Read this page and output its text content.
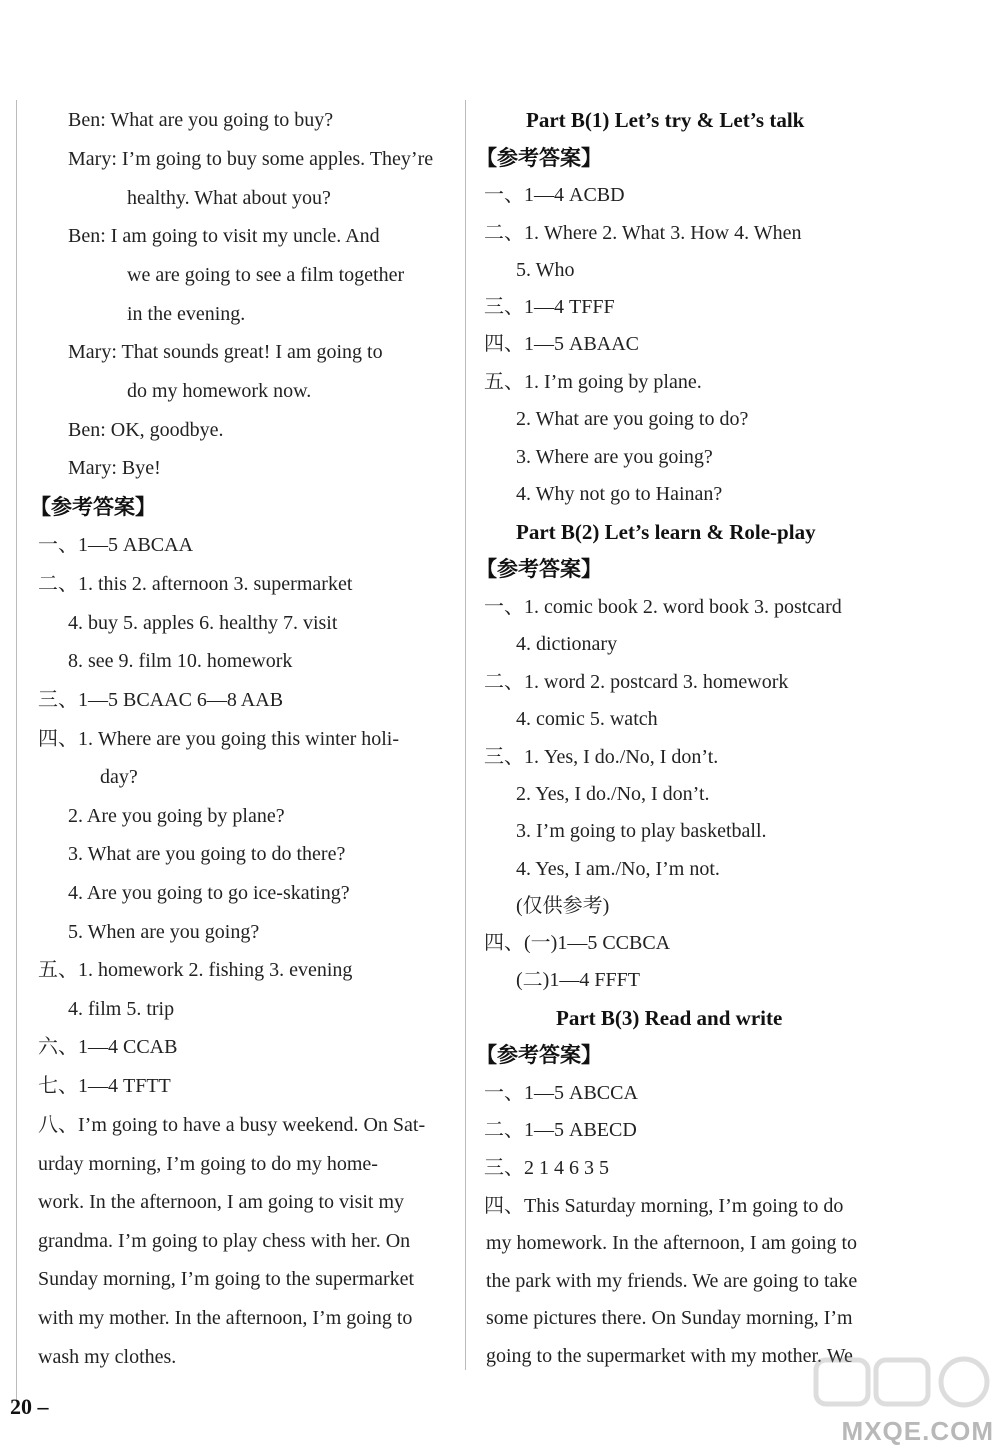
Ben: What are you going to buy?
Mary: I’m going to buy some apples. They’re
healthy. What about you?
Ben: I am going to visit my uncle. And
we are going to see a film together
in the evening.
Mary: That sounds great! I am going to
do my homework now.
Ben: OK, goodbye.
Mary: Bye!
【参考答案】
一、1—5 ABCAA
二、1. this 2. afternoon 3. supermarket
4. buy 5. apples 6. healthy 7. visit
8. see 9. film 10. homework
三、1—5 BCAAC 6—8 AAB
四、1. Where are you going this winter holi-
day?
2. Are you going by plane?
3. What are you going to do there?
4. Are you going to go ice-skating?
5. When are you going?
五、1. homework 2. fishing 3. evening
4. film 5. trip
六、1—4 CCAB
七、1—4 TFTT
八、I’m going to have a busy weekend. On Sat-
urday morning, I’m going to do my home-
work. In the afternoon, I am going to visit my
grandma. I’m going to play chess with her. On
Sunday morning, I’m going to the supermarket
with my mother. In the afternoon, I’m going to
wash my clothes.
Part B(1) Let’s try & Let’s talk
【参考答案】
一、1—4 ACBD
二、1. Where 2. What 3. How 4. When
5. Who
三、1—4 TFFF
四、1—5 ABAAC
五、1. I’m going by plane.
2. What are you going to do?
3. Where are you going?
4. Why not go to Hainan?
Part B(2) Let’s learn & Role-play
【参考答案】
一、1. comic book 2. word book 3. postcard
4. dictionary
二、1. word 2. postcard 3. homework
4. comic 5. watch
三、1. Yes, I do./No, I don’t.
2. Yes, I do./No, I don’t.
3. I’m going to play basketball.
4. Yes, I am./No, I’m not.
(仅供参考)
四、(一)1—5 CCBCA
(二)1—4 FFFT
Part B(3) Read and write
【参考答案】
一、1—5 ABCCA
二、1—5 ABECD
三、2 1 4 6 3 5
四、This Saturday morning, I’m going to do
my homework. In the afternoon, I am going to
the park with my friends. We are going to take
some pictures there. On Sunday morning, I’m
going to the supermarket with my mother. We
20 –
MXQE.COM
